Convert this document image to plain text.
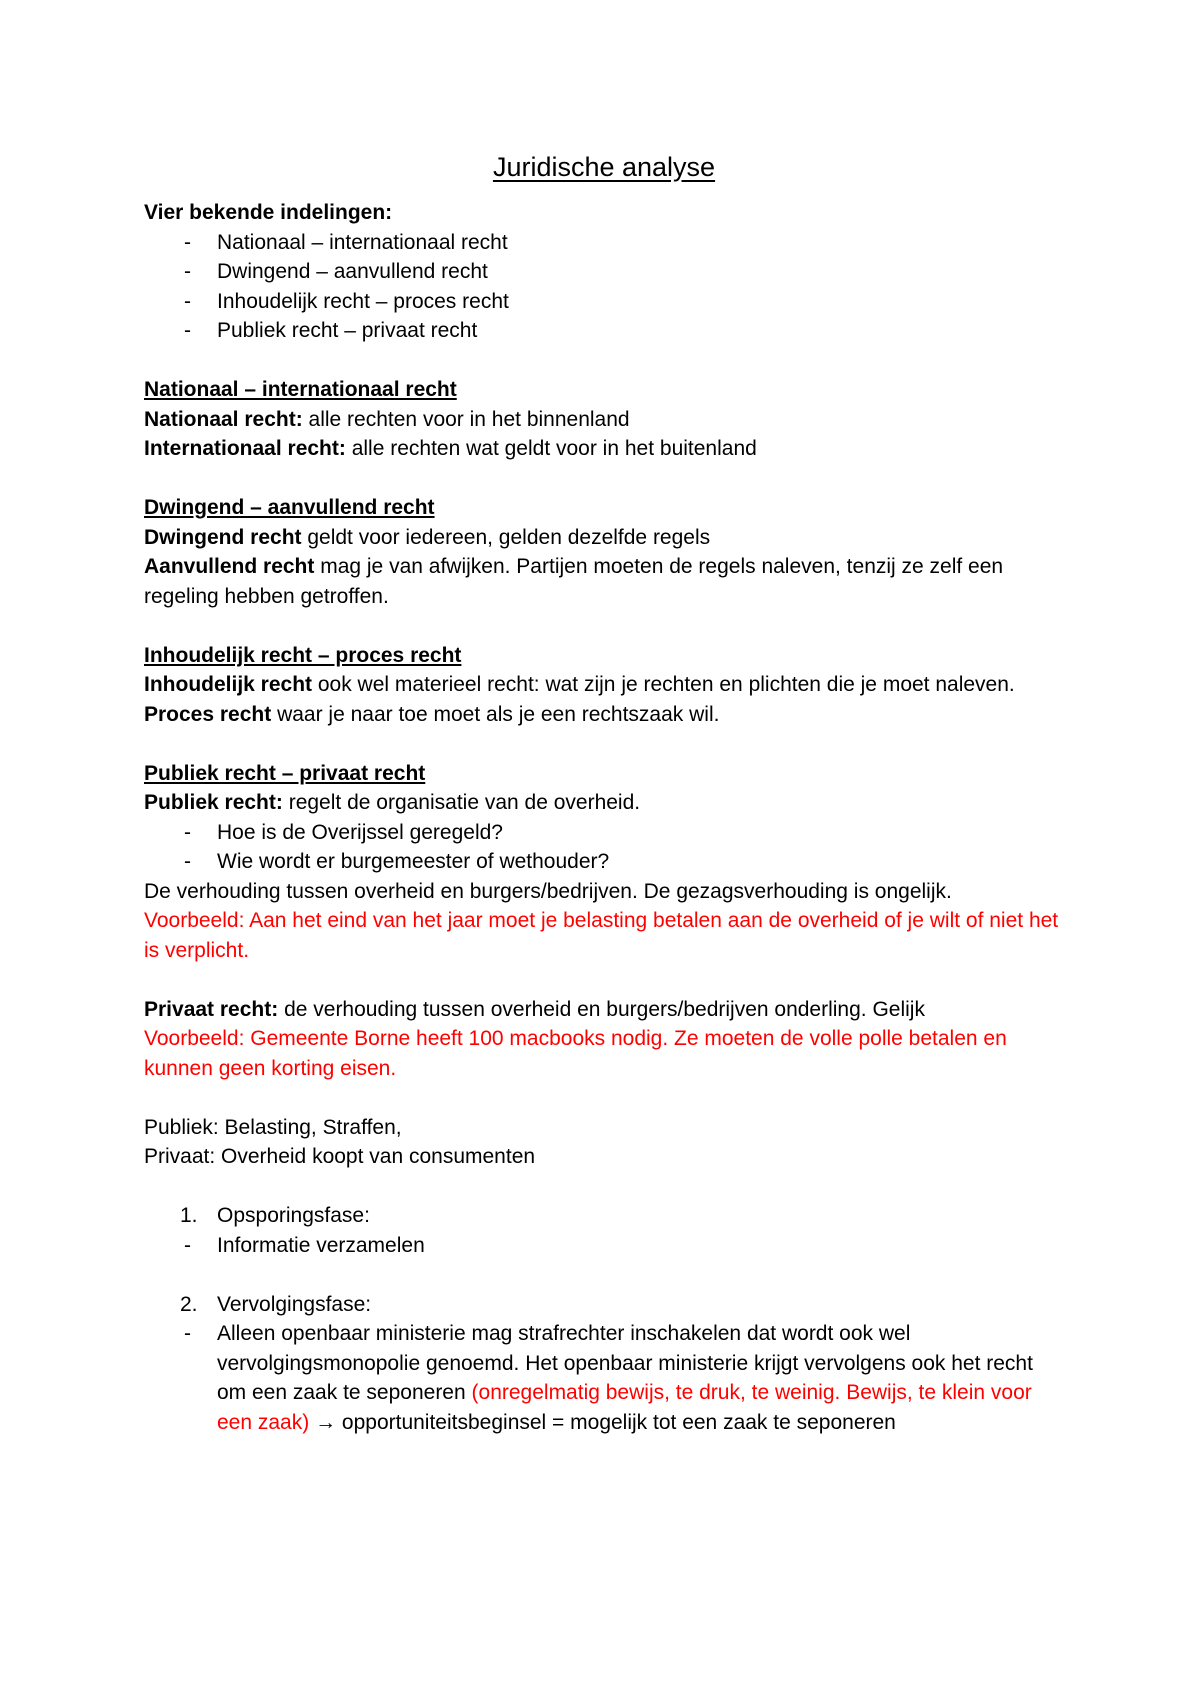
Juridische analyse

Vier bekende indelingen:

-	Nationaal – internationaal recht
-	Dwingend – aanvullend recht
-	Inhoudelijk recht – proces recht
-	Publiek recht – privaat recht

Nationaal – internationaal recht

Nationaal recht: alle rechten voor in het binnenland

Internationaal recht: alle rechten wat geldt voor in het buitenland

Dwingend – aanvullend recht

Dwingend recht geldt voor iedereen, gelden dezelfde regels

Aanvullend recht mag je van afwijken. Partijen moeten de regels naleven, tenzij ze zelf een regeling hebben getroffen.

Inhoudelijk recht – proces recht

Inhoudelijk recht ook wel materieel recht: wat zijn je rechten en plichten die je moet naleven.

Proces recht waar je naar toe moet als je een rechtszaak wil.

Publiek recht – privaat recht

Publiek recht: regelt de organisatie van de overheid.

-	Hoe is de Overijssel geregeld?
-	Wie wordt er burgemeester of wethouder?

De verhouding tussen overheid en burgers/bedrijven. De gezagsverhouding is ongelijk.

Voorbeeld: Aan het eind van het jaar moet je belasting betalen aan de overheid of je wilt of niet het is verplicht.

Privaat recht: de verhouding tussen overheid en burgers/bedrijven onderling. Gelijk

Voorbeeld: Gemeente Borne heeft 100 macbooks nodig. Ze moeten de volle polle betalen en kunnen geen korting eisen.

Publiek: Belasting, Straffen,

Privaat: Overheid koopt van consumenten

1. Opsporingsfase:
-	Informatie verzamelen
2. Vervolgingsfase:
-	Alleen openbaar ministerie mag strafrechter inschakelen dat wordt ook wel vervolgingsmonopolie genoemd. Het openbaar ministerie krijgt vervolgens ook het recht om een zaak te seponeren (onregelmatig bewijs, te druk, te weinig. Bewijs, te klein voor een zaak) → opportuniteitsbeginsel = mogelijk tot een zaak te seponeren
